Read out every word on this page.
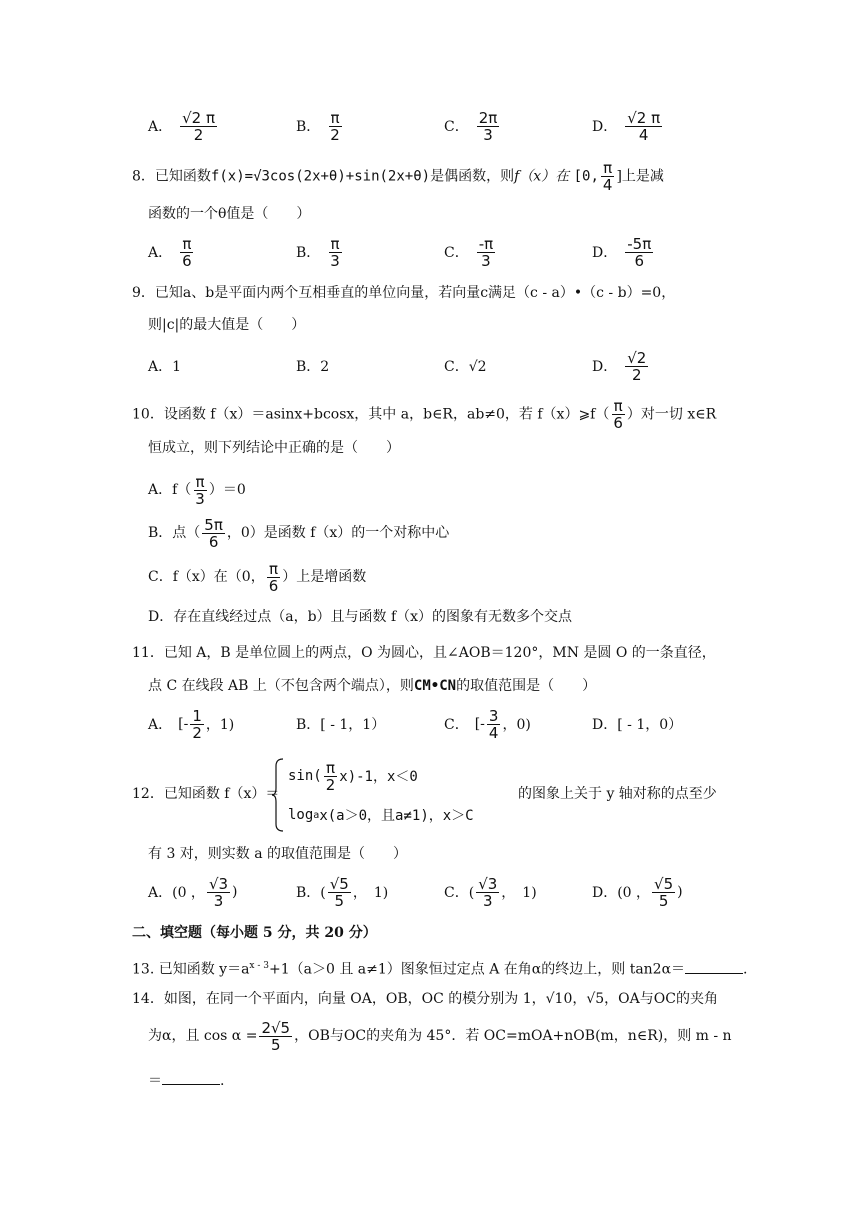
A． $\frac{√2 \pi}{2}$	B． $\frac{\pi}{2}$	C． $\frac{2\pi}{3}$	D． $\frac{√2 \pi}{4}$
8．已知函数f(x)=√3cos(2x+θ)+sin(2x+θ)是偶函数，则f（x）在 [0, $\frac{\pi}{4}$ ]上是减
函数的一个θ值是（　　）
A． $\frac{\pi}{6}$	B． $\frac{\pi}{3}$	C． $\frac{-\pi}{3}$	D． $\frac{-5\pi}{6}$
9．已知a、b是平面内两个互相垂直的单位向量，若向量c满足（c - a）•（c - b）=0，
则|c|的最大值是（　　）
A．1	B．2	C．√2	D． $\frac{√2}{2}$
10．设函数 f（x）＝asinx+bcosx，其中 a，b∈R，ab≠0，若 f（x）⩾f（ $\frac{\pi}{6}$ ）对一切 x∈R
恒成立，则下列结论中正确的是（　　）
A．$f( \frac{\pi}{3} )=0$
B．点（ $\frac{5\pi}{6}$ ，0）是函数 f（x）的一个对称中心
C．f（x）在（0， $\frac{\pi}{6}$ ）上是增函数
D．存在直线经过点（a，b）且与函数 f（x）的图象有无数多个交点
11．已知 A，B 是单位圆上的两点，O 为圆心，且∠AOB＝120°，MN 是圆 O 的一条直径，
点 C 在线段 AB 上（不包含两个端点），则CM•CN的取值范围是（　　）
A． [- $\frac{1}{2}$ ，1)	B．[ - 1，1）	C． [- $\frac{3}{4}$ ，0)	D．[ - 1，0）
12．已知函数 f（x）＝
$\sin( \frac{\pi}{2} x)-1$，x＜0
log a x(a＞0，且a≠1)，x＞C
的图象上关于 y 轴对称的点至少
有 3 对，则实数 a 的取值范围是（　　）
A．(0 ， $\frac{√3}{3}$ )	B．( $\frac{√5}{5}$ ，　1)	C．( $\frac{√3}{3}$ ，　1)	D．(0 ， $\frac{√5}{5}$ )
二、填空题（每小题 5 分，共 20 分）
13. 已知函数 $y=a^{x - 3}+1(a>0$ 且 a≠1）图象恒过定点 A 在角α的终边上，则 tan2α＝	.
14．如图，在同一个平面内，向量 OA，OB，OC 的模分别为 1，√10，√5，OA与OC的夹角
为α，且 $\cos \alpha = \frac{2√5}{5}$ ，OB与OC的夹角为 45°．若 OC=mOA+nOB(m，n∈R)，则 m - n
＝	.
